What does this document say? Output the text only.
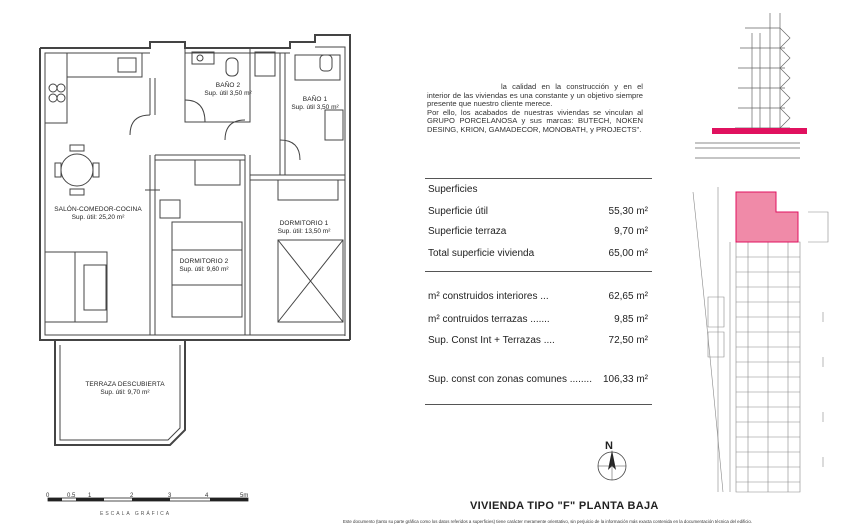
SALÓN-COMEDOR-COCINA
Sup. útil: 25,20 m²
BAÑO 2
Sup. útil 3,50 m²
BAÑO 1
Sup. útil 3,50 m²
DORMITORIO 1
Sup. útil: 13,50 m²
DORMITORIO 2
Sup. útil: 9,60 m²
TERRAZA DESCUBIERTA
Sup. útil: 9,70 m²

la calidad en la construcción y en el interior de las viviendas es una constante y un objetivo siempre presente que nuestro cliente merece.

Por ello, los acabados de nuestras viviendas se vinculan al GRUPO PORCELANOSA y sus marcas: BUTECH, NOKEN DESING, KRION, GAMADECOR, MONOBATH, y PROJECTS".

Superficies
Superficie útil	55,30 m²
Superficie terraza	9,70 m²
Total superficie vivienda	65,00 m²
m² construidos interiores ...	62,65 m²
m² contruidos terrazas .......	9,85 m²
Sup. Const Int + Terrazas ....	72,50 m²
Sup. const con zonas comunes ........ 106,33 m²
N
0	0.5 1	2	3	4	5m
ESCALA GRÁFICA
VIVIENDA TIPO "F" PLANTA BAJA
Este documento (tanto su parte gráfica como los datos referidos a superficies) tiene carácter meramente orientativo, sin perjuicio de la información más exacta contenida en la documentación técnica del edificio.
